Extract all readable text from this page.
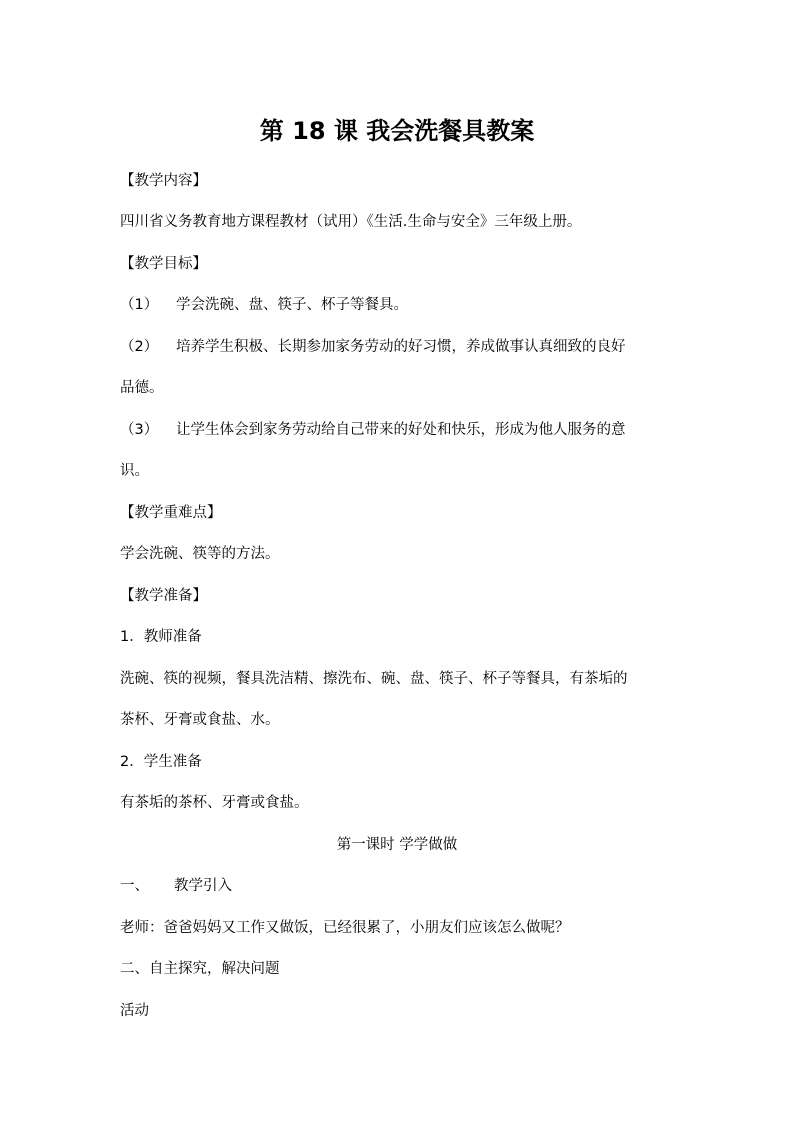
第 18 课 我会洗餐具教案
【教学内容】
四川省义务教育地方课程教材（试用）《生活.生命与安全》三年级上册。
【教学目标】
（1） 学会洗碗、盘、筷子、杯子等餐具。
（2） 培养学生积极、长期参加家务劳动的好习惯，养成做事认真细致的良好
品德。
（3） 让学生体会到家务劳动给自己带来的好处和快乐，形成为他人服务的意
识。
【教学重难点】
学会洗碗、筷等的方法。
【教学准备】
1．教师准备
洗碗、筷的视频，餐具洗洁精、擦洗布、碗、盘、筷子、杯子等餐具，有茶垢的
茶杯、牙膏或食盐、水。
2．学生准备
有茶垢的茶杯、牙膏或食盐。
第一课时 学学做做
一、 教学引入
老师：爸爸妈妈又工作又做饭，已经很累了，小朋友们应该怎么做呢？
二、自主探究，解决问题
活动
